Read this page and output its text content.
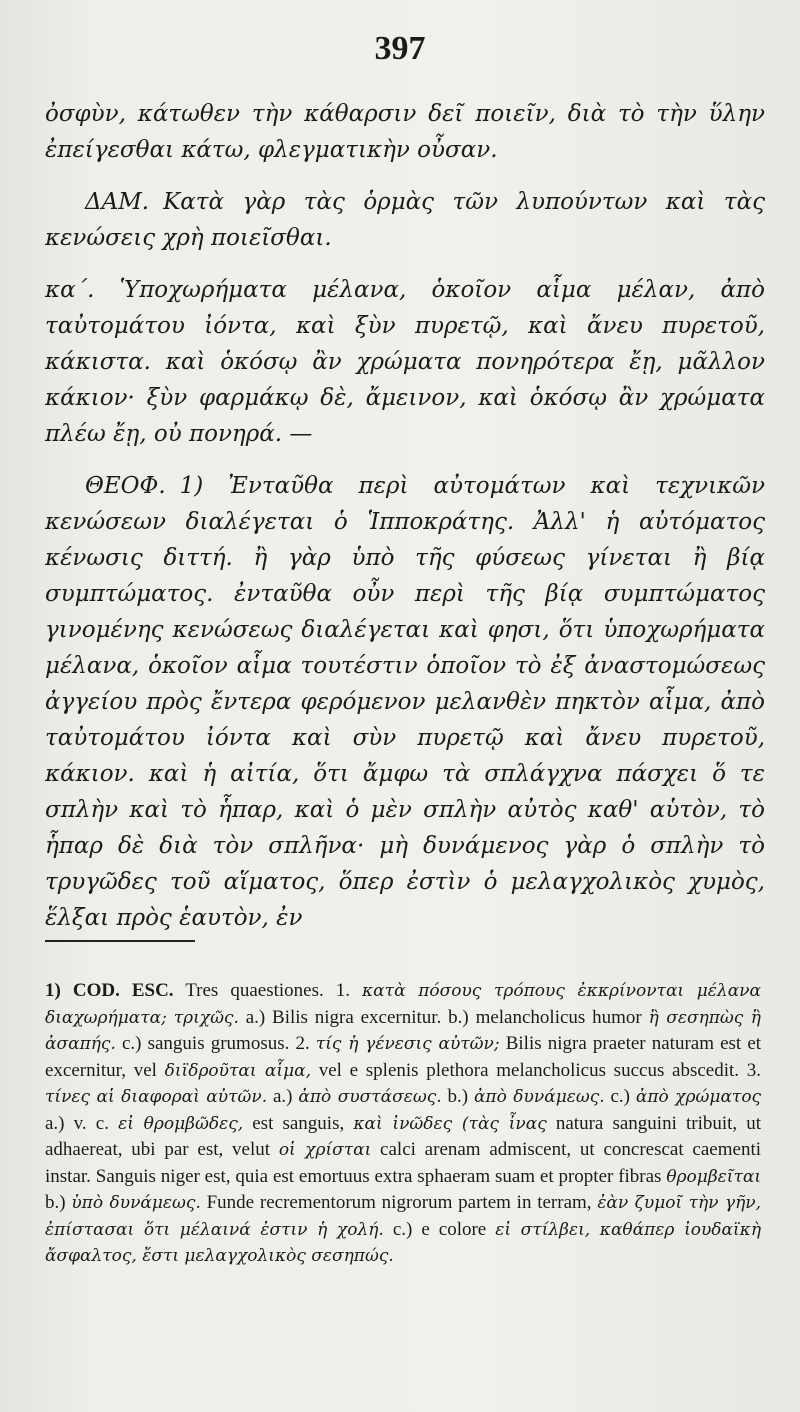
397

ὀσφὺν, κάτωθεν τὴν κάθαρσιν δεῖ ποιεῖν, διὰ τὸ τὴν ὕλην ἐπείγεσθαι κάτω, φλεγματικὴν οὖσαν.

ΔΑΜ. Κατὰ γὰρ τὰς ὁρμὰς τῶν λυπούντων καὶ τὰς κενώσεις χρὴ ποιεῖσθαι.

κα΄. Ὑποχωρήματα μέλανα, ὁκοῖον αἷμα μέλαν, ἀπὸ ταὐτομάτου ἰόντα, καὶ ξὺν πυρετῷ, καὶ ἄνευ πυρετοῦ, κάκιστα. καὶ ὁκόσῳ ἂν χρώματα πονηρότερα ἔῃ, μᾶλλον κάκιον· ξὺν φαρμάκῳ δὲ, ἄμεινον, καὶ ὁκόσῳ ἂν χρώματα πλέω ἔῃ, οὐ πονηρά. —

ΘΕΟΦ. 1) Ἐνταῦθα περὶ αὐτομάτων καὶ τεχνικῶν κενώσεων διαλέγεται ὁ Ἱπποκράτης. Ἀλλ' ἡ αὐτόματος κένωσις διττή. ἢ γὰρ ὑπὸ τῆς φύσεως γίνεται ἢ βίᾳ συμπτώματος. ἐνταῦθα οὖν περὶ τῆς βίᾳ συμπτώματος γινομένης κενώσεως διαλέγεται καὶ φησι, ὅτι ὑποχωρήματα μέλανα, ὁκοῖον αἷμα τουτέστιν ὁποῖον τὸ ἐξ ἀναστομώσεως ἀγγείου πρὸς ἔντερα φερόμενον μελανθὲν πηκτὸν αἷμα, ἀπὸ ταὐτομάτου ἰόντα καὶ σὺν πυρετῷ καὶ ἄνευ πυρετοῦ, κάκιον. καὶ ἡ αἰτία, ὅτι ἄμφω τὰ σπλάγχνα πάσχει ὅ τε σπλὴν καὶ τὸ ἧπαρ, καὶ ὁ μὲν σπλὴν αὐτὸς καθ' αὑτὸν, τὸ ἧπαρ δὲ διὰ τὸν σπλῆνα· μὴ δυνάμενος γὰρ ὁ σπλὴν τὸ τρυγῶδες τοῦ αἵματος, ὅπερ ἐστὶν ὁ μελαγχολικὸς χυμὸς, ἕλξαι πρὸς ἑαυτὸν, ἐν

1) COD. ESC. Tres quaestiones. 1. κατὰ πόσους τρόπους ἐκκρίνονται μέλανα διαχωρήματα; τριχῶς. a.) Bilis nigra excernitur. b.) melancholicus humor ἢ σεσηπὼς ἢ ἀσαπής. c.) sanguis grumosus. 2. τίς ἡ γένεσις αὐτῶν; Bilis nigra praeter naturam est et excernitur, vel διϊδροῦται αἷμα, vel e splenis plethora melancholicus succus abscedit. 3. τίνες αἱ διαφοραὶ αὐτῶν. a.) ἀπὸ συστάσεως. b.) ἀπὸ δυνάμεως. c.) ἀπὸ χρώματος a.) v. c. εἰ θρομβῶδες, est sanguis, καὶ ἰνῶδες (τὰς ἶνας natura sanguini tribuit, ut adhaereat, ubi par est, velut οἱ χρίσται calci arenam admiscent, ut concrescat caementi instar. Sanguis niger est, quia est emortuus extra sphaeram suam et propter fibras θρομβεῖται b.) ὑπὸ δυνάμεως. Funde recrementorum nigrorum partem in terram, ἐὰν ζυμοῖ τὴν γῆν, ἐπίστασαι ὅτι μέλαινά ἐστιν ἡ χολή. c.) e colore εἰ στίλβει, καθάπερ ἰουδαϊκὴ ἄσφαλτος, ἔστι μελαγχολικὸς σεσηπώς.
